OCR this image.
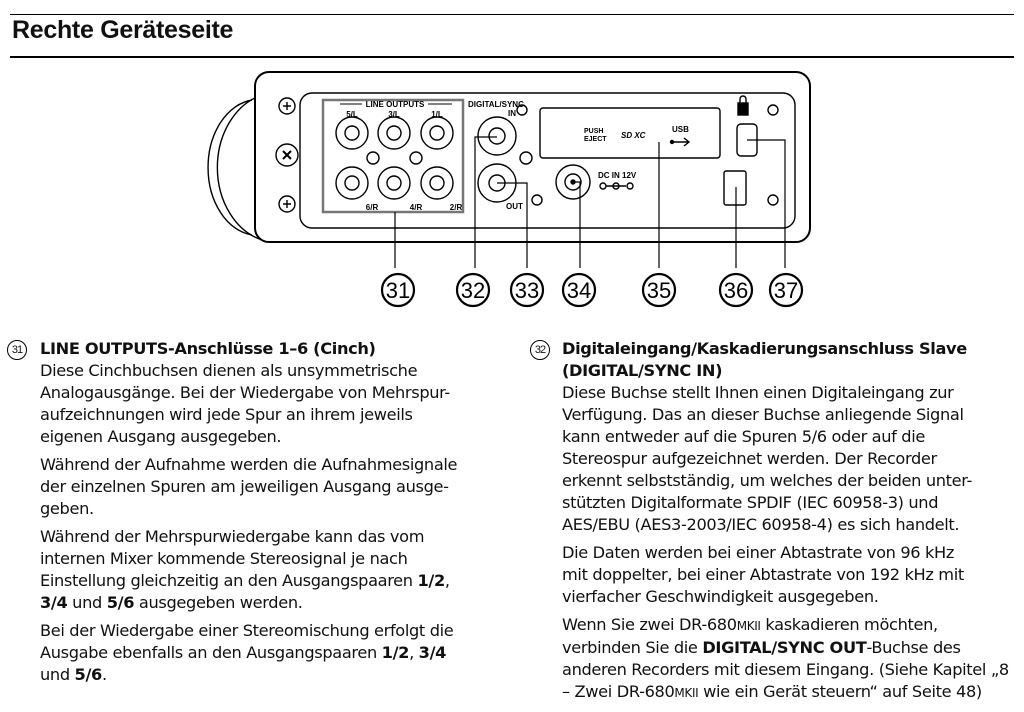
Rechte Geräteseite
LINE OUTPUTS
5/L	3/L	1/L
6/R	4/R	2/R
DIGITAL/SYNC
IN
OUT
PUSH
EJECT SD XC
USB
DC IN 12V
31 32 33 34	35 36 37
31	LINE OUTPUTS-Anschlüsse 1–6 (Cinch)
Diese Cinchbuchsen dienen als unsymmetrische
Analogausgänge. Bei der Wiedergabe von Mehrspur-
aufzeichnungen wird jede Spur an ihrem jeweils
eigenen Ausgang ausgegeben.
Während der Aufnahme werden die Aufnahmesignale
der einzelnen Spuren am jeweiligen Ausgang ausge-
geben.
Während der Mehrspurwiedergabe kann das vom
internen Mixer kommende Stereosignal je nach
Einstellung gleichzeitig an den Ausgangspaaren 1/2,
3/4 und 5/6 ausgegeben werden.
Bei der Wiedergabe einer Stereomischung erfolgt die
Ausgabe ebenfalls an den Ausgangspaaren 1/2, 3/4
und 5/6.
32	Digitaleingang/Kaskadierungsanschluss Slave
(DIGITAL/SYNC IN)
Diese Buchse stellt Ihnen einen Digitaleingang zur
Verfügung. Das an dieser Buchse anliegende Signal
kann entweder auf die Spuren 5/6 oder auf die
Stereospur aufgezeichnet werden. Der Recorder
erkennt selbstständig, um welches der beiden unter-
stützten Digitalformate SPDIF (IEC 60958-3) und
AES/EBU (AES3-2003/IEC 60958-4) es sich handelt.
Die Daten werden bei einer Abtastrate von 96 kHz
mit doppelter, bei einer Abtastrate von 192 kHz mit
vierfacher Geschwindigkeit ausgegeben.
Wenn Sie zwei DR-680MKII kaskadieren möchten,
verbinden Sie die DIGITAL/SYNC OUT-Buchse des
anderen Recorders mit diesem Eingang. (Siehe Kapitel „8
– Zwei DR-680MKII wie ein Gerät steuern“ auf Seite 48)
